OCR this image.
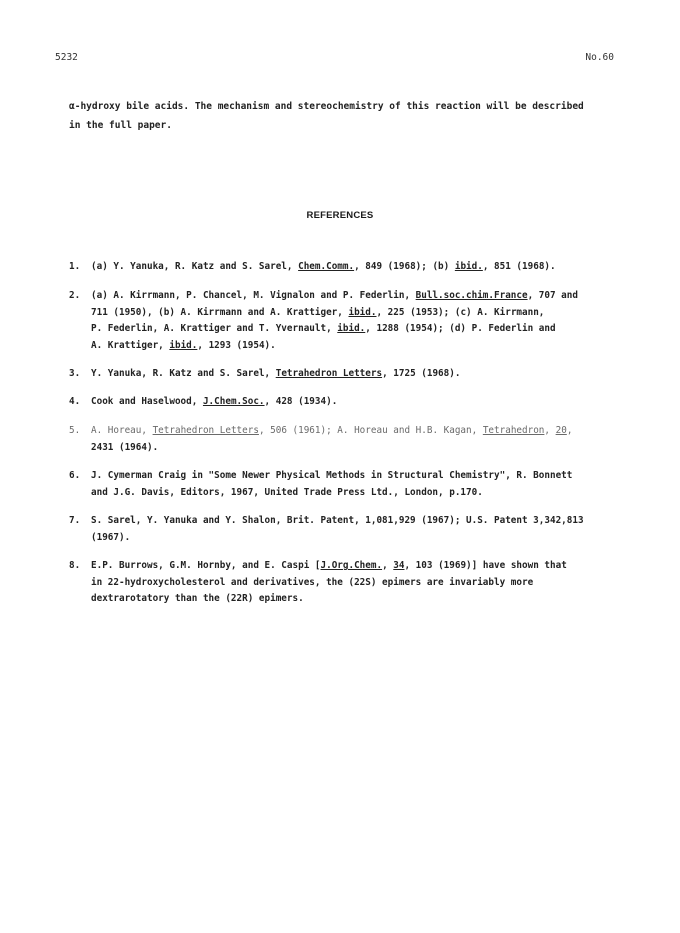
5232	No.60
α-hydroxy bile acids. The mechanism and stereochemistry of this reaction will be described
in the full paper.
REFERENCES
1. (a) Y. Yanuka, R. Katz and S. Sarel, Chem.Comm., 849 (1968); (b) ibid., 851 (1968).
2. (a) A. Kirrmann, P. Chancel, M. Vignalon and P. Federlin, Bull.soc.chim.France, 707 and
711 (1950), (b) A. Kirrmann and A. Krattiger, ibid., 225 (1953); (c) A. Kirrmann,
P. Federlin, A. Krattiger and T. Yvernault, ibid., 1288 (1954); (d) P. Federlin and
A. Krattiger, ibid., 1293 (1954).
3. Y. Yanuka, R. Katz and S. Sarel, Tetrahedron Letters, 1725 (1968).
4. Cook and Haselwood, J.Chem.Soc., 428 (1934).
5. A. Horeau, Tetrahedron Letters, 506 (1961); A. Horeau and H.B. Kagan, Tetrahedron, 20,
2431 (1964).
6. J. Cymerman Craig in "Some Newer Physical Methods in Structural Chemistry", R. Bonnett
and J.G. Davis, Editors, 1967, United Trade Press Ltd., London, p.170.
7. S. Sarel, Y. Yanuka and Y. Shalon, Brit. Patent, 1,081,929 (1967); U.S. Patent 3,342,813
(1967).
8. E.P. Burrows, G.M. Hornby, and E. Caspi [J.Org.Chem., 34, 103 (1969)] have shown that
in 22-hydroxycholesterol and derivatives, the (22S) epimers are invariably more
dextrarotatory than the (22R) epimers.
